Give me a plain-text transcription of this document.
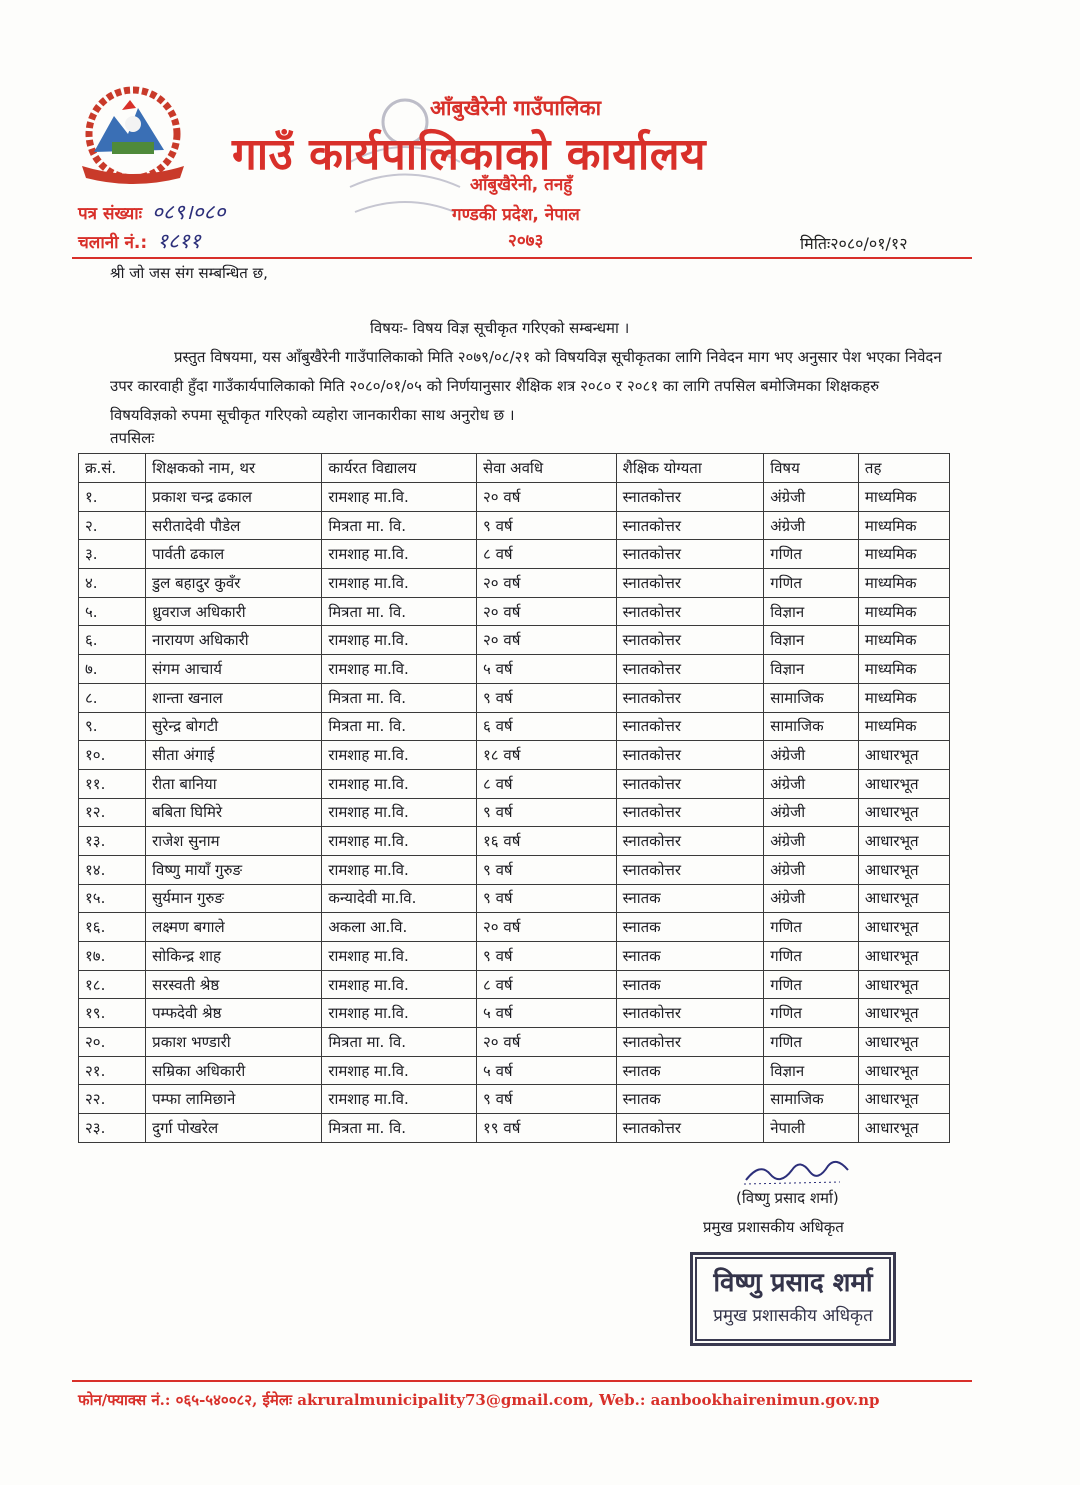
आँबुखैरेनी गाउँपालिका
गाउँ कार्यपालिकाको कार्यालय
आँबुखैरेनी, तनहुँ
गण्डकी प्रदेश, नेपाल
२०७३
पत्र संख्याः ०८९।०८०
चलानी नं.: १८११	मितिः२०८०/०१/१२
श्री जो जस संग सम्बन्धित छ,
विषयः- विषय विज्ञ सूचीकृत गरिएको सम्बन्धमा ।

प्रस्तुत विषयमा, यस आँबुखैरेनी गाउँपालिकाको मिति २०७९/०८/२१ को विषयविज्ञ सूचीकृतका लागि निवेदन माग भए अनुसार पेश भएका निवेदन उपर कारवाही हुँदा गाउँकार्यपालिकाको मिति २०८०/०१/०५ को निर्णयानुसार शैक्षिक शत्र २०८० र २०८१ का लागि तपसिल बमोजिमका शिक्षकहरु विषयविज्ञको रुपमा सूचीकृत गरिएको व्यहोरा जानकारीका साथ अनुरोध छ ।

तपसिलः
क्र.सं.	शिक्षकको नाम, थर	कार्यरत विद्यालय	सेवा अवधि	शैक्षिक योग्यता	विषय	तह
१.	प्रकाश चन्द्र ढकाल	रामशाह मा.वि.	२० वर्ष	स्नातकोत्तर	अंग्रेजी	माध्यमिक
२.	सरीतादेवी पौडेल	मित्रता मा. वि.	९ वर्ष	स्नातकोत्तर	अंग्रेजी	माध्यमिक
३.	पार्वती ढकाल	रामशाह मा.वि.	८ वर्ष	स्नातकोत्तर	गणित	माध्यमिक
४.	डुल बहादुर कुवँर	रामशाह मा.वि.	२० वर्ष	स्नातकोत्तर	गणित	माध्यमिक
५.	ध्रुवराज अधिकारी	मित्रता मा. वि.	२० वर्ष	स्नातकोत्तर	विज्ञान	माध्यमिक
६.	नारायण अधिकारी	रामशाह मा.वि.	२० वर्ष	स्नातकोत्तर	विज्ञान	माध्यमिक
७.	संगम आचार्य	रामशाह मा.वि.	५ वर्ष	स्नातकोत्तर	विज्ञान	माध्यमिक
८.	शान्ता खनाल	मित्रता मा. वि.	९ वर्ष	स्नातकोत्तर	सामाजिक	माध्यमिक
९.	सुरेन्द्र बोगटी	मित्रता मा. वि.	६ वर्ष	स्नातकोत्तर	सामाजिक	माध्यमिक
१०.	सीता अंगाई	रामशाह मा.वि.	१८ वर्ष	स्नातकोत्तर	अंग्रेजी	आधारभूत
११.	रीता बानिया	रामशाह मा.वि.	८ वर्ष	स्नातकोत्तर	अंग्रेजी	आधारभूत
१२.	बबिता घिमिरे	रामशाह मा.वि.	९ वर्ष	स्नातकोत्तर	अंग्रेजी	आधारभूत
१३.	राजेश सुनाम	रामशाह मा.वि.	१६ वर्ष	स्नातकोत्तर	अंग्रेजी	आधारभूत
१४.	विष्णु मायाँ गुरुङ	रामशाह मा.वि.	९ वर्ष	स्नातकोत्तर	अंग्रेजी	आधारभूत
१५.	सुर्यमान गुरुङ	कन्यादेवी मा.वि.	९ वर्ष	स्नातक	अंग्रेजी	आधारभूत
१६.	लक्ष्मण बगाले	अकला आ.वि.	२० वर्ष	स्नातक	गणित	आधारभूत
१७.	सोकिन्द्र शाह	रामशाह मा.वि.	९ वर्ष	स्नातक	गणित	आधारभूत
१८.	सरस्वती श्रेष्ठ	रामशाह मा.वि.	८ वर्ष	स्नातक	गणित	आधारभूत
१९.	पम्फदेवी श्रेष्ठ	रामशाह मा.वि.	५ वर्ष	स्नातकोत्तर	गणित	आधारभूत
२०.	प्रकाश भण्डारी	मित्रता मा. वि.	२० वर्ष	स्नातकोत्तर	गणित	आधारभूत
२१.	सम्रिका अधिकारी	रामशाह मा.वि.	५ वर्ष	स्नातक	विज्ञान	आधारभूत
२२.	पम्फा लामिछाने	रामशाह मा.वि.	९ वर्ष	स्नातक	सामाजिक	आधारभूत
२३.	दुर्गा पोखरेल	मित्रता मा. वि.	१९ वर्ष	स्नातकोत्तर	नेपाली	आधारभूत
(विष्णु प्रसाद शर्मा)
प्रमुख प्रशासकीय अधिकृत
विष्णु प्रसाद शर्मा
प्रमुख प्रशासकीय अधिकृत
फोन/फ्याक्स नं.: ०६५-५४००८२, ईमेलः akruralmunicipality73@gmail.com, Web.: aanbookhairenimun.gov.np
